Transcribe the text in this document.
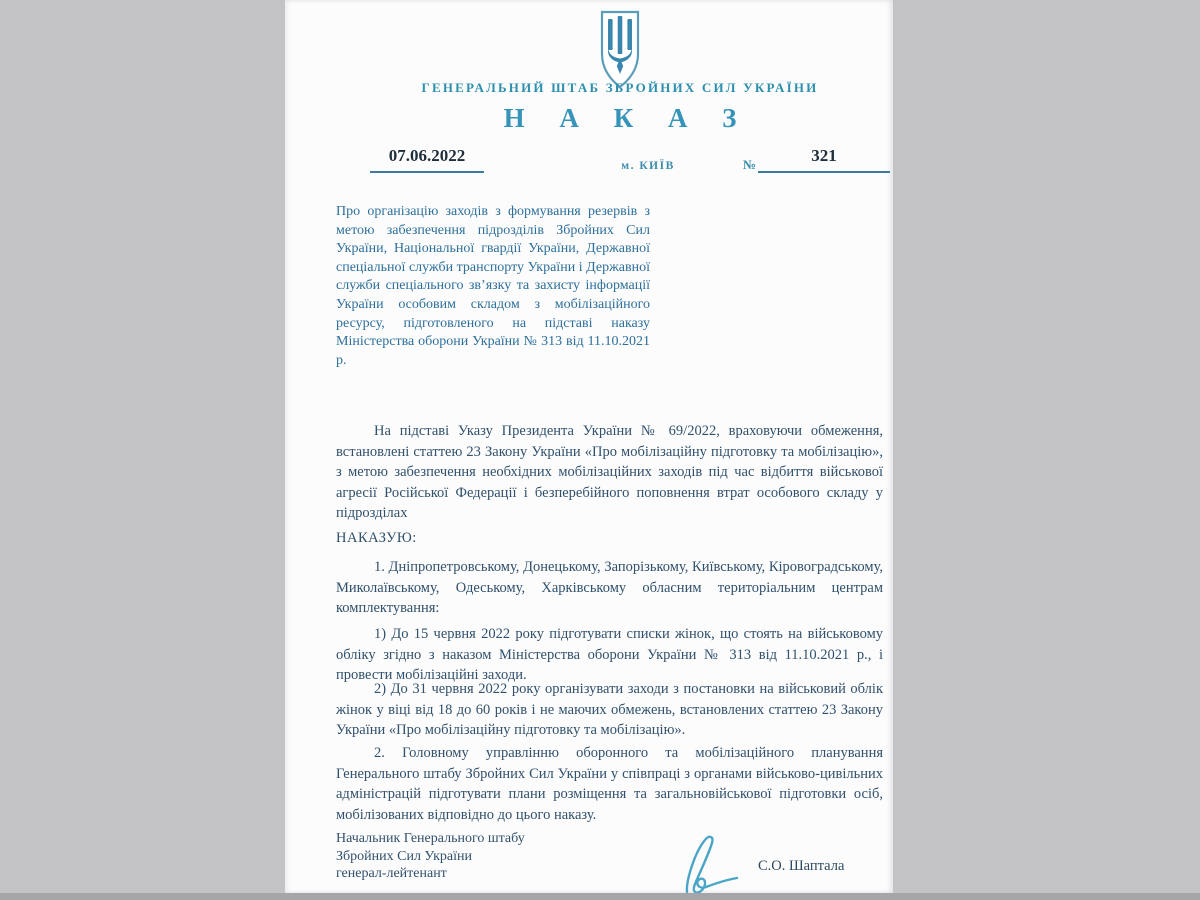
ГЕНЕРАЛЬНИЙ ШТАБ ЗБРОЙНИХ СИЛ УКРАЇНИ
Н А К А З
07.06.2022
м. КИЇВ	№	321
Про організацію заходів з формування резервів з метою забезпечення підрозділів Збройних Сил України, Національної гвардії України, Державної спеціальної служби транспорту України і Державної служби спеціального зв’язку та захисту інформації України особовим складом з мобілізаційного ресурсу, підготовленого на підставі наказу Міністерства оборони України № 313 від 11.10.2021 р.
На підставі Указу Президента України № 69/2022, враховуючи обмеження, встановлені статтею 23 Закону України «Про мобілізаційну підготовку та мобілізацію», з метою забезпечення необхідних мобілізаційних заходів під час відбиття військової агресії Російської Федерації і безперебійного поповнення втрат особового складу у підрозділах
НАКАЗУЮ:
1. Дніпропетровському, Донецькому, Запорізькому, Київському, Кіровоградському, Миколаївському, Одеському, Харківському обласним територіальним центрам комплектування:
1) До 15 червня 2022 року підготувати списки жінок, що стоять на військовому обліку згідно з наказом Міністерства оборони України № 313 від 11.10.2021 р., і провести мобілізаційні заходи.
2) До 31 червня 2022 року організувати заходи з постановки на військовий облік жінок у віці від 18 до 60 років і не маючих обмежень, встановлених статтею 23 Закону України «Про мобілізаційну підготовку та мобілізацію».
2. Головному управлінню оборонного та мобілізаційного планування Генерального штабу Збройних Сил України у співпраці з органами військово-цивільних адміністрацій підготувати плани розміщення та загальновійськової підготовки осіб, мобілізованих відповідно до цього наказу.
Начальник Генерального штабу
Збройних Сил України
генерал-лейтенант	С.О. Шаптала
